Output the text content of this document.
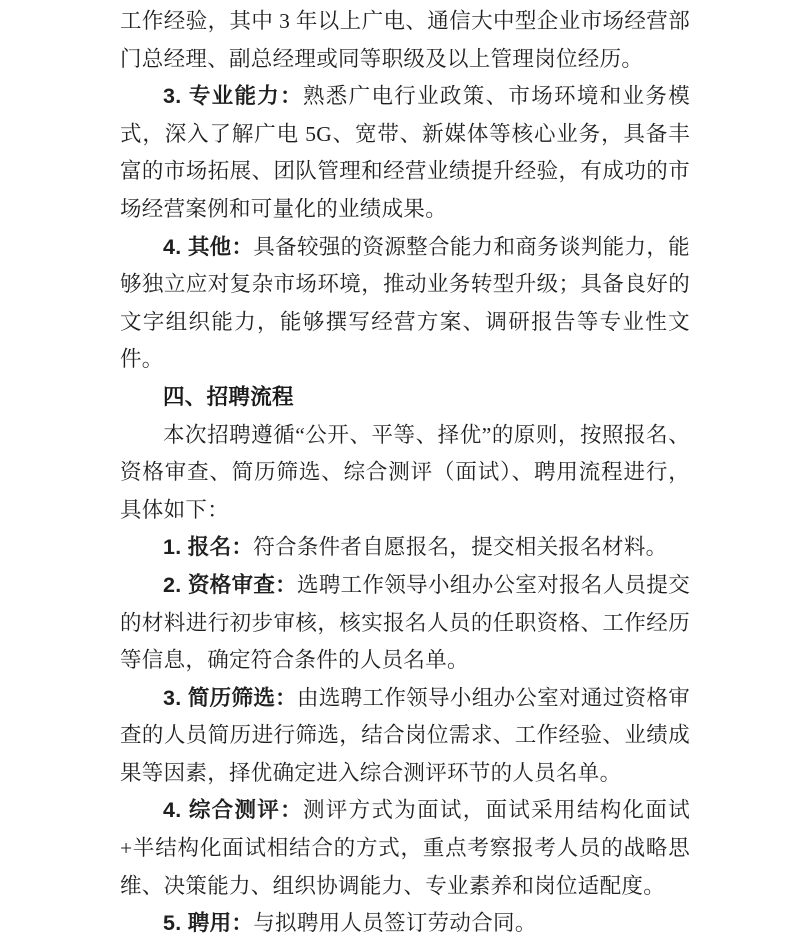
工作经验，其中 3 年以上广电、通信大中型企业市场经营部门总经理、副总经理或同等职级及以上管理岗位经历。

3. 专业能力：熟悉广电行业政策、市场环境和业务模式，深入了解广电 5G、宽带、新媒体等核心业务，具备丰富的市场拓展、团队管理和经营业绩提升经验，有成功的市场经营案例和可量化的业绩成果。

4. 其他：具备较强的资源整合能力和商务谈判能力，能够独立应对复杂市场环境，推动业务转型升级；具备良好的文字组织能力，能够撰写经营方案、调研报告等专业性文件。

四、招聘流程

本次招聘遵循“公开、平等、择优”的原则，按照报名、资格审查、简历筛选、综合测评（面试）、聘用流程进行，具体如下：

1. 报名：符合条件者自愿报名，提交相关报名材料。

2. 资格审查：选聘工作领导小组办公室对报名人员提交的材料进行初步审核，核实报名人员的任职资格、工作经历等信息，确定符合条件的人员名单。

3. 简历筛选：由选聘工作领导小组办公室对通过资格审查的人员简历进行筛选，结合岗位需求、工作经验、业绩成果等因素，择优确定进入综合测评环节的人员名单。

4. 综合测评：测评方式为面试，面试采用结构化面试+半结构化面试相结合的方式，重点考察报考人员的战略思维、决策能力、组织协调能力、专业素养和岗位适配度。

5. 聘用：与拟聘用人员签订劳动合同。
